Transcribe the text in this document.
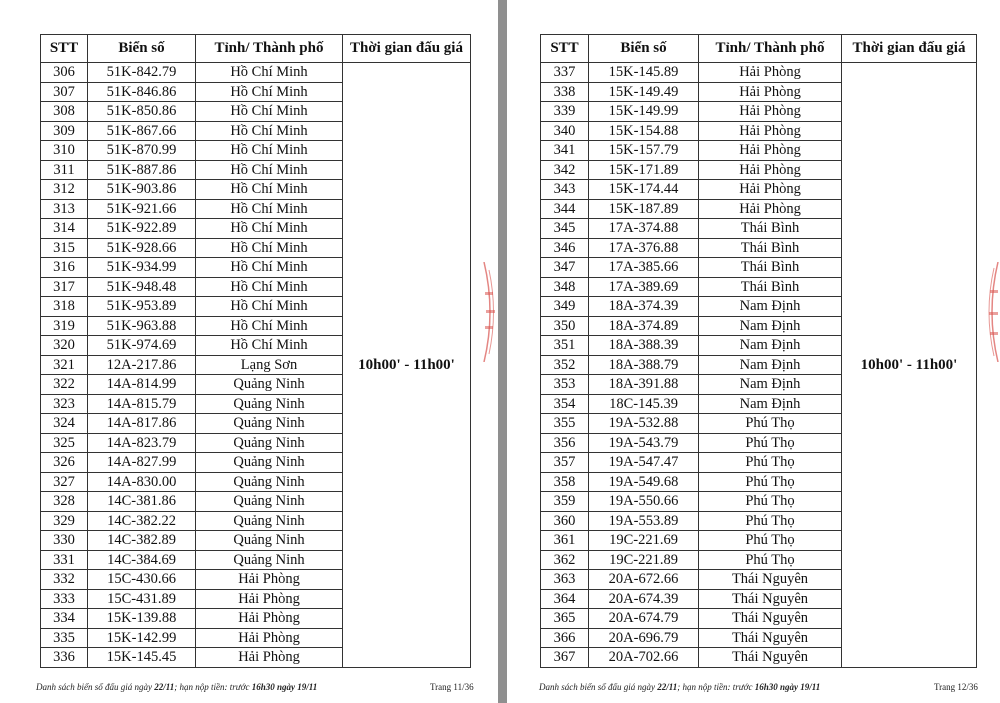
STT	Biển số	Tỉnh/ Thành phố	Thời gian đấu giá
306	51K-842.79	Hồ Chí Minh	10h00' - 11h00'
307	51K-846.86	Hồ Chí Minh	
308	51K-850.86	Hồ Chí Minh	
309	51K-867.66	Hồ Chí Minh	
310	51K-870.99	Hồ Chí Minh	
311	51K-887.86	Hồ Chí Minh	
312	51K-903.86	Hồ Chí Minh	
313	51K-921.66	Hồ Chí Minh	
314	51K-922.89	Hồ Chí Minh	
315	51K-928.66	Hồ Chí Minh	
316	51K-934.99	Hồ Chí Minh	
317	51K-948.48	Hồ Chí Minh	
318	51K-953.89	Hồ Chí Minh	
319	51K-963.88	Hồ Chí Minh	
320	51K-974.69	Hồ Chí Minh	
321	12A-217.86	Lạng Sơn	
322	14A-814.99	Quảng Ninh	
323	14A-815.79	Quảng Ninh	
324	14A-817.86	Quảng Ninh	
325	14A-823.79	Quảng Ninh	
326	14A-827.99	Quảng Ninh	
327	14A-830.00	Quảng Ninh	
328	14C-381.86	Quảng Ninh	
329	14C-382.22	Quảng Ninh	
330	14C-382.89	Quảng Ninh	
331	14C-384.69	Quảng Ninh	
332	15C-430.66	Hải Phòng	
333	15C-431.89	Hải Phòng	
334	15K-139.88	Hải Phòng	
335	15K-142.99	Hải Phòng	
336	15K-145.45	Hải Phòng	
Danh sách biển số đấu giá ngày 22/11; hạn nộp tiền: trước 16h30 ngày 19/11	Trang 11/36
STT	Biển số	Tỉnh/ Thành phố	Thời gian đấu giá
337	15K-145.89	Hải Phòng	10h00' - 11h00'
338	15K-149.49	Hải Phòng	
339	15K-149.99	Hải Phòng	
340	15K-154.88	Hải Phòng	
341	15K-157.79	Hải Phòng	
342	15K-171.89	Hải Phòng	
343	15K-174.44	Hải Phòng	
344	15K-187.89	Hải Phòng	
345	17A-374.88	Thái Bình	
346	17A-376.88	Thái Bình	
347	17A-385.66	Thái Bình	
348	17A-389.69	Thái Bình	
349	18A-374.39	Nam Định	
350	18A-374.89	Nam Định	
351	18A-388.39	Nam Định	
352	18A-388.79	Nam Định	
353	18A-391.88	Nam Định	
354	18C-145.39	Nam Định	
355	19A-532.88	Phú Thọ	
356	19A-543.79	Phú Thọ	
357	19A-547.47	Phú Thọ	
358	19A-549.68	Phú Thọ	
359	19A-550.66	Phú Thọ	
360	19A-553.89	Phú Thọ	
361	19C-221.69	Phú Thọ	
362	19C-221.89	Phú Thọ	
363	20A-672.66	Thái Nguyên	
364	20A-674.39	Thái Nguyên	
365	20A-674.79	Thái Nguyên	
366	20A-696.79	Thái Nguyên	
367	20A-702.66	Thái Nguyên	
Danh sách biển số đấu giá ngày 22/11; hạn nộp tiền: trước 16h30 ngày 19/11	Trang 12/36
